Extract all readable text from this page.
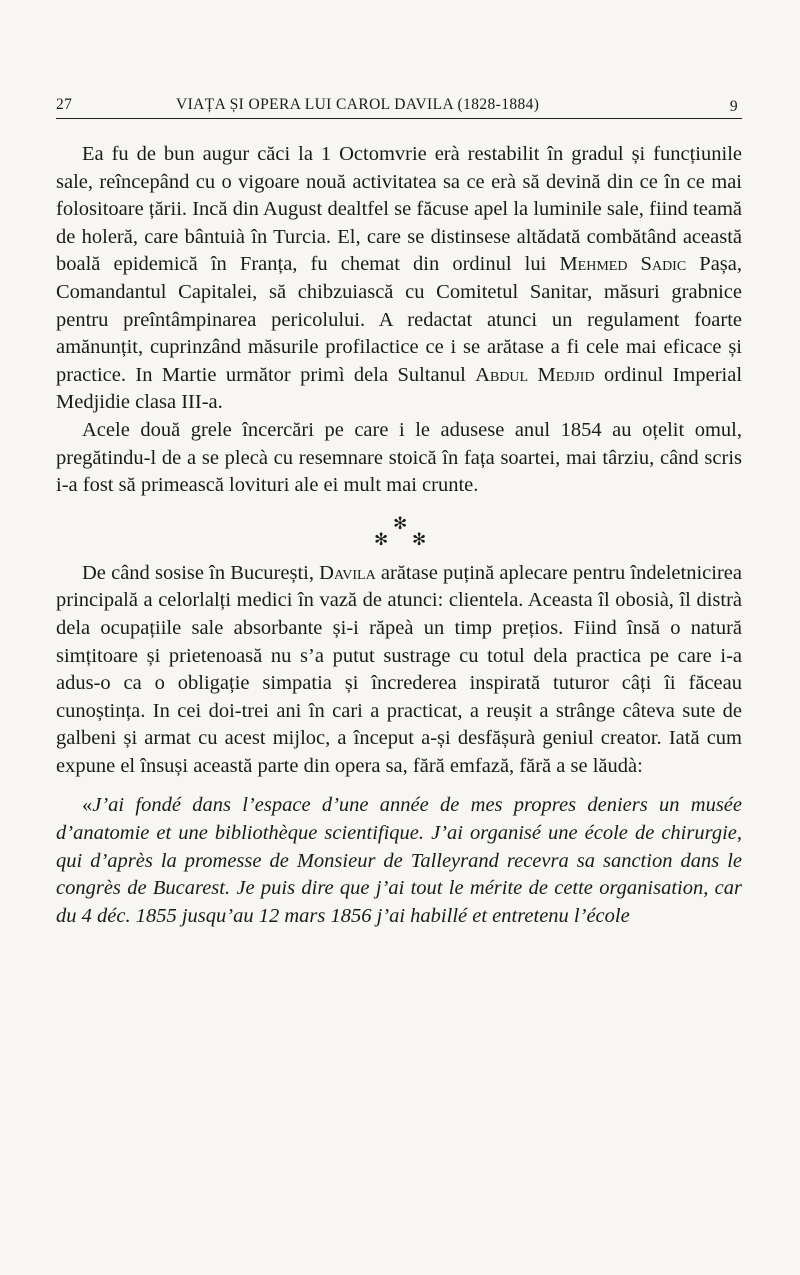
27	VIAȚA ȘI OPERA LUI CAROL DAVILA (1828-1884)	9

Ea fu de bun augur căci la 1 Octomvrie erà restabilit în gradul și funcțiunile sale, reîncepând cu o vigoare nouă activitatea sa ce erà să devină din ce în ce mai folositoare țării. Incă din August dealtfel se făcuse apel la luminile sale, fiind teamă de holeră, care bântuià în Turcia. El, care se distinsese altădată combătând această boală epidemică în Franța, fu chemat din ordinul lui Mehmed Sadic Pașa, Comandantul Capitalei, să chibzuiască cu Comitetul Sanitar, măsuri grabnice pentru preîntâmpinarea pericolului. A redactat atunci un regulament foarte amănunțit, cuprinzând măsurile profilactice ce i se arătase a fi cele mai eficace și practice. In Martie următor primì dela Sultanul Abdul Medjid ordinul Imperial Medjidie clasa III-a.

Acele două grele încercări pe care i le adusese anul 1854 au oțelit omul, pregătindu-l de a se plecà cu resemnare stoică în fața soartei, mai târziu, când scris i-a fost să primească lovituri ale ei mult mai crunte.

✻
✻ ✻

De când sosise în București, Davila arătase puțină aplecare pentru îndeletnicirea principală a celorlalți medici în vază de atunci: clientela. Aceasta îl obosià, îl distrà dela ocupațiile sale absorbante și-i răpeà un timp prețios. Fiind însă o natură simțitoare și prietenoasă nu s’a putut sustrage cu totul dela practica pe care i-a adus-o ca o obligație simpatia și încrederea inspirată tuturor câți îi făceau cunoștința. In cei doi-trei ani în cari a practicat, a reușit a strânge câteva sute de galbeni și armat cu acest mijloc, a început a-și desfășurà geniul creator. Iată cum expune el însuși această parte din opera sa, fără emfază, fără a se lăudà:

«J’ai fondé dans l’espace d’une année de mes propres deniers un musée d’anatomie et une bibliothèque scientifique. J’ai organisé une école de chirurgie, qui d’après la promesse de Monsieur de Talleyrand recevra sa sanction dans le congrès de Bucarest. Je puis dire que j’ai tout le mérite de cette organisation, car du 4 déc. 1855 jusqu’au 12 mars 1856 j’ai habillé et entretenu l’école
